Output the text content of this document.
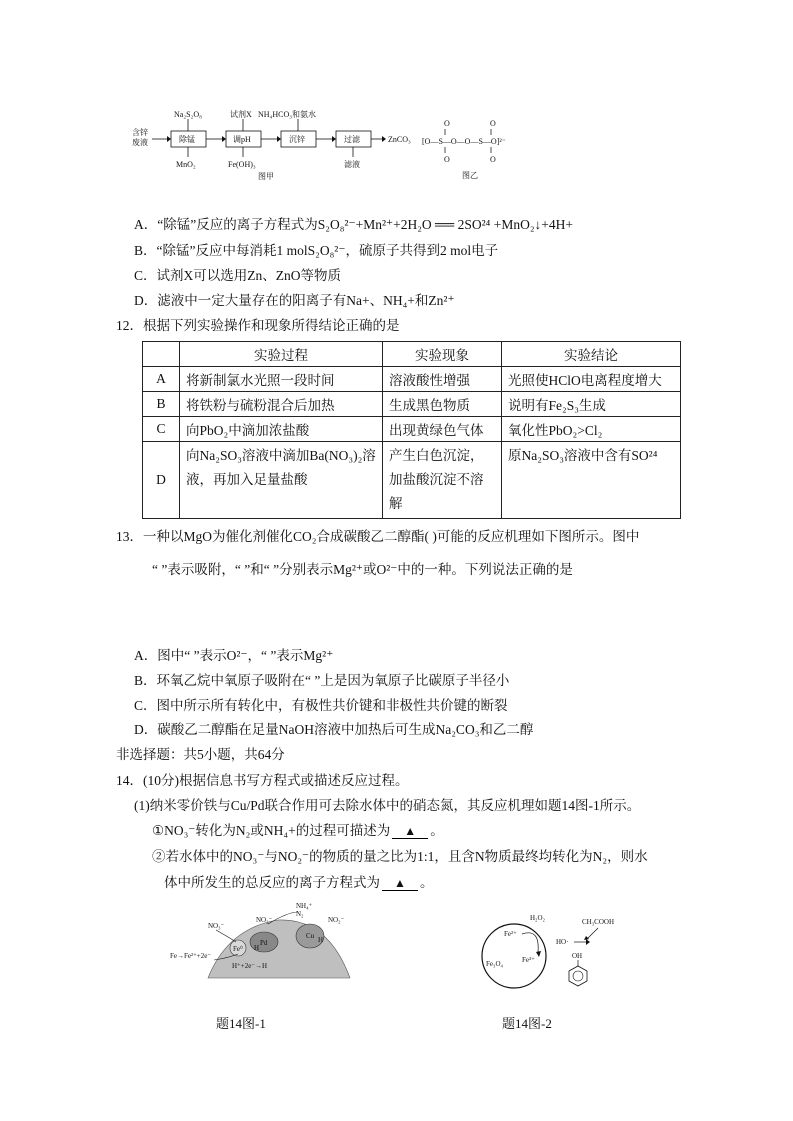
含锌
废液	除锰	调pH	沉锌	过滤	ZnCO₃
Na₂S₂O₈	试剂X NH₄HCO₃和氨水
MnO₂	Fe(OH)₃	滤液
图甲
O	O
‖	‖
[O—S—O—O—S—O]²⁻
‖	‖
O	O
图乙
A．“除锰”反应的离子方程式为S₂O₈²⁻+Mn²⁺+2H₂O ══ 2SO²⁴ +MnO₂↓+4H+
B．“除锰”反应中每消耗1 molS₂O₈²⁻，硫原子共得到2 mol电子
C．试剂X可以选用Zn、ZnO等物质
D．滤液中一定大量存在的阳离子有Na+、NH₄+和Zn²⁺
12．根据下列实验操作和现象所得结论正确的是
	实验过程	实验现象	实验结论
A	将新制氯水光照一段时间	溶液酸性增强	光照使HClO电离程度增大
B	将铁粉与硫粉混合后加热	生成黑色物质	说明有Fe₂S₃生成
C	向PbO₂中滴加浓盐酸	出现黄绿色气体	氧化性PbO₂>Cl₂
D	向Na₂SO₃溶液中滴加Ba(NO₃)₂溶液，再加入足量盐酸	产生白色沉淀，加盐酸沉淀不溶解	原Na₂SO₃溶液中含有SO²⁴
13．一种以MgO为催化剂催化CO₂合成碳酸乙二醇酯( )可能的反应机理如下图所示。图中
“ ”表示吸附，“ ”和“ ”分别表示Mg²⁺或O²⁻中的一种。下列说法正确的是
A．图中“ ”表示O²⁻，“ ”表示Mg²⁺
B．环氧乙烷中氧原子吸附在“ ”上是因为氧原子比碳原子半径小
C．图中所示所有转化中，有极性共价键和非极性共价键的断裂
D．碳酸乙二醇酯在足量NaOH溶液中加热后可生成Na₂CO₃和乙二醇
非选择题：共5小题，共64分
14．(10分)根据信息书写方程式或描述反应过程。
(1)纳米零价铁与Cu/Pd联合作用可去除水体中的硝态氮，其反应机理如题14图-1所示。
①NO₃⁻转化为N₂或NH₄+的过程可描述为 ▲ 。
②若水体中的NO₃⁻与NO₂⁻的物质的量之比为1:1，且含N物质最终均转化为N₂，则水
体中所发生的总反应的离子方程式为 ▲ 。
Pd
Cu
Fe⁰ H
H
NO₃⁻
NO₂⁻	NO₂⁻
NH₄⁺
N₂
Fe→Fe²⁺+2e⁻
H⁺+2e⁻→H
题14图-1
Fe²⁺
Fe³⁺
Fe₃O₄
H₂O₂
HO·
CH₃COOH
OH
题14图-2
